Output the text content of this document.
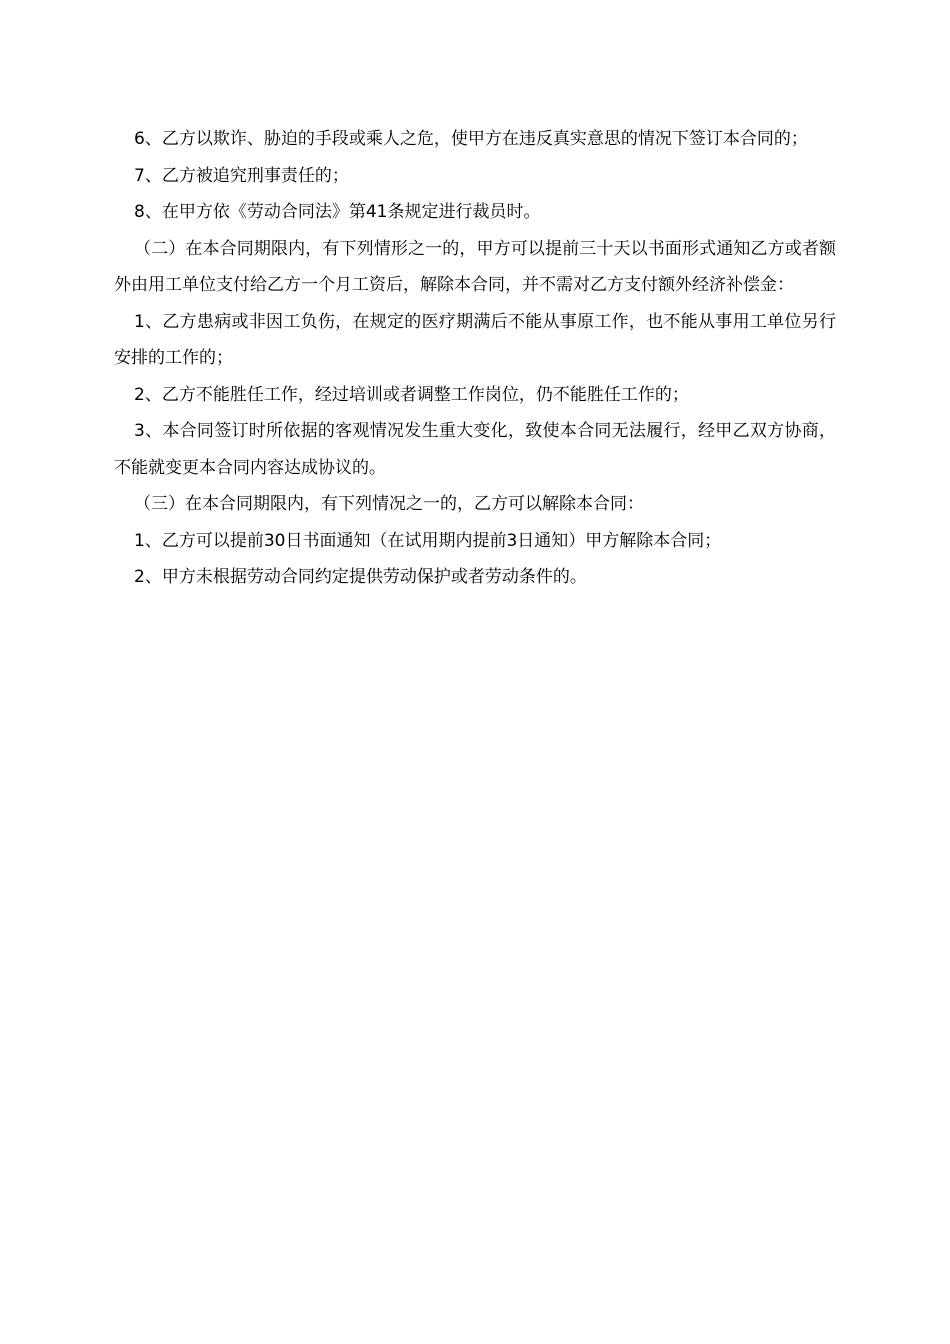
6、乙方以欺诈、胁迫的手段或乘人之危，使甲方在违反真实意思的情况下签订本合同的；

7、乙方被追究刑事责任的；

8、在甲方依《劳动合同法》第41条规定进行裁员时。

（二）在本合同期限内，有下列情形之一的，甲方可以提前三十天以书面形式通知乙方或者额外由用工单位支付给乙方一个月工资后，解除本合同，并不需对乙方支付额外经济补偿金：

1、乙方患病或非因工负伤，在规定的医疗期满后不能从事原工作，也不能从事用工单位另行安排的工作的；

2、乙方不能胜任工作，经过培训或者调整工作岗位，仍不能胜任工作的；

3、本合同签订时所依据的客观情况发生重大变化，致使本合同无法履行，经甲乙双方协商，不能就变更本合同内容达成协议的。

（三）在本合同期限内，有下列情况之一的，乙方可以解除本合同：

1、乙方可以提前30日书面通知（在试用期内提前3日通知）甲方解除本合同；

2、甲方未根据劳动合同约定提供劳动保护或者劳动条件的。
